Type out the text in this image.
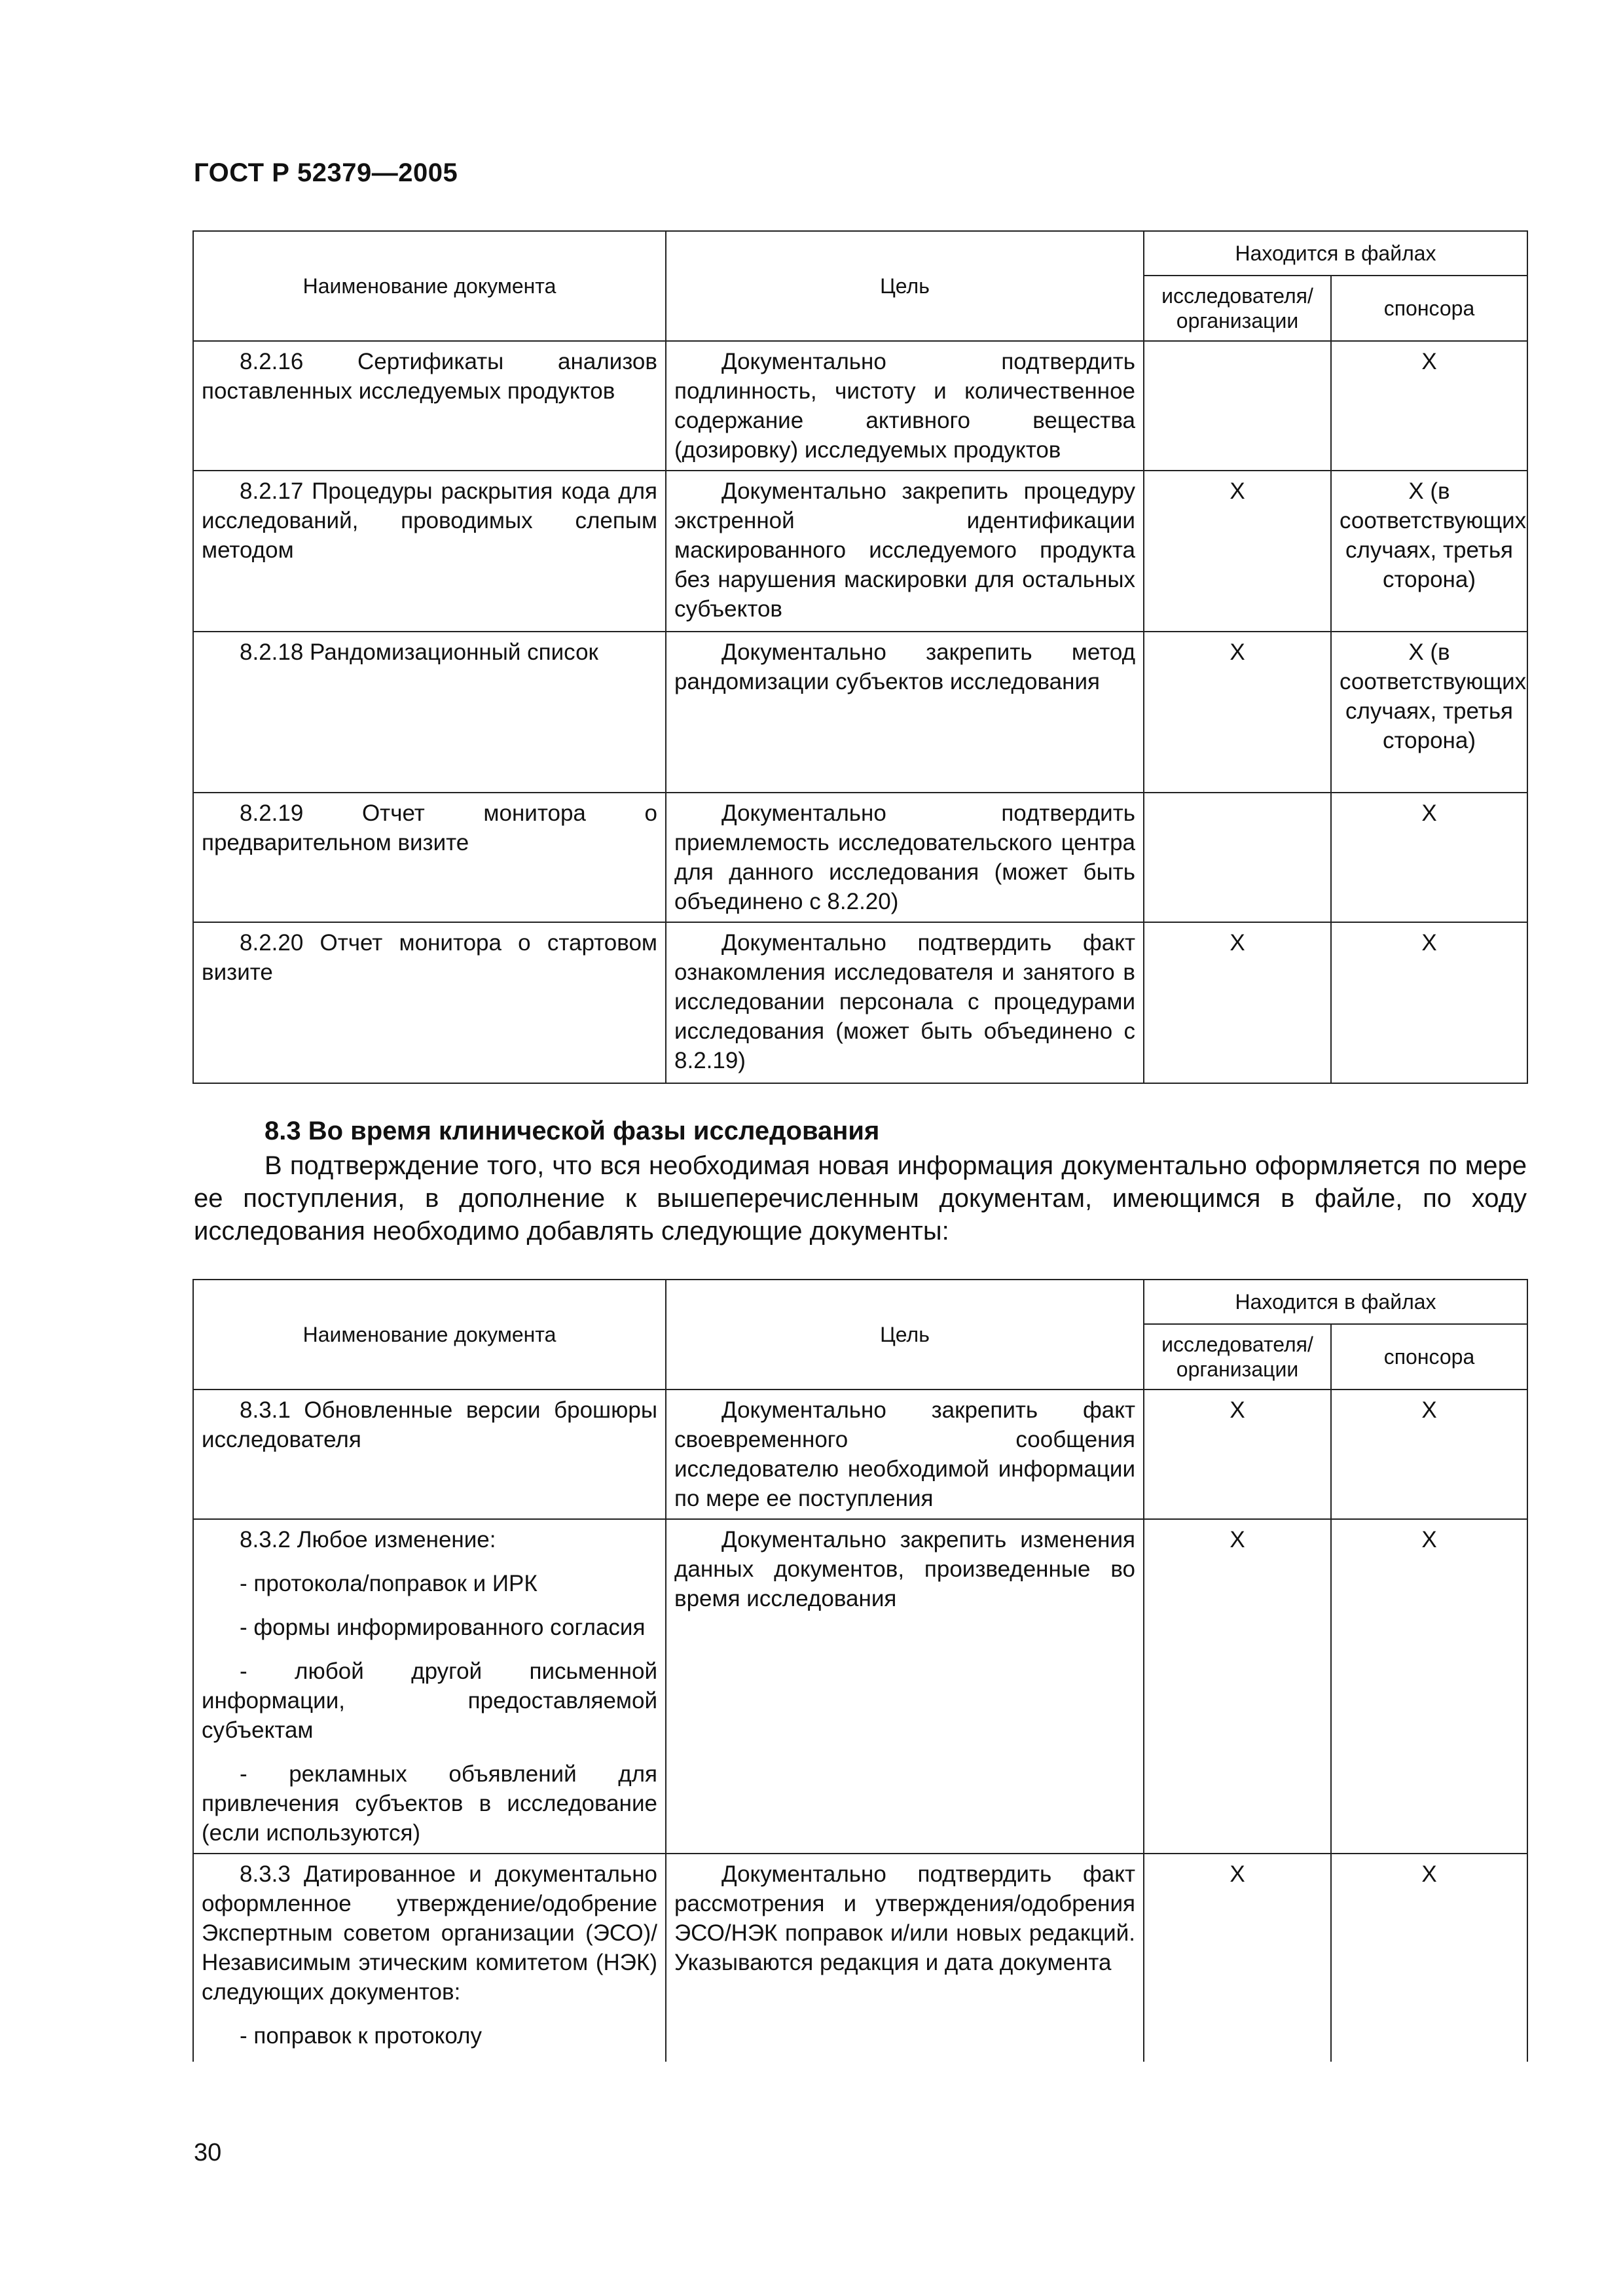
ГОСТ Р 52379—2005
Наименование документа	Цель	Находится в файлах	
		исследователя/ организации	спонсора
8.2.16 Сертификаты анализов поставленных исследуемых продуктов	Документально подтвердить подлинность, чистоту и количественное содержание активного вещества (дозировку) исследуемых продуктов		X
8.2.17 Процедуры раскрытия кода для исследований, проводимых слепым методом	Документально закрепить процедуру экстренной идентификации маскированного исследуемого продукта без нарушения маскировки для остальных субъектов	X	X (в соответствующих случаях, третья сторона)
8.2.18 Рандомизационный список	Документально закрепить метод рандомизации субъектов исследования	X	X (в соответствующих случаях, третья сторона)
8.2.19 Отчет монитора о предварительном визите	Документально подтвердить приемлемость исследовательского центра для данного исследования (может быть объединено с 8.2.20)		X
8.2.20 Отчет монитора о стартовом визите	Документально подтвердить факт ознакомления исследователя и занятого в исследовании персонала с процедурами исследования (может быть объединено с 8.2.19)	X	X
8.3 Во время клинической фазы исследования
В подтверждение того, что вся необходимая новая информация документально оформляется по мере ее поступления, в дополнение к вышеперечисленным документам, имеющимся в файле, по ходу исследования необходимо добавлять следующие документы:
Наименование документа	Цель	Находится в файлах	
		исследователя/ организации	спонсора
8.3.1 Обновленные версии брошюры исследователя	Документально закрепить факт своевременного сообщения исследователю необходимой информации по мере ее поступления	X	X

8.3.2 Любое изменение:
- протокола/поправок и ИРК
- формы информированного согласия
- любой другой письменной информации, предоставляемой субъектам
- рекламных объявлений для привлечения субъектов в исследование (если используются)	Документально закрепить изменения данных документов, произведенные во время исследования	X	X

8.3.3 Датированное и документально оформленное утверждение/одобрение Экспертным советом организации (ЭСО)/Независимым этическим комитетом (НЭК) следующих документов:
- поправок к протоколу	Документально подтвердить факт рассмотрения и утверждения/одобрения ЭСО/НЭК поправок и/или новых редакций. Указываются редакция и дата документа	X	X
30
